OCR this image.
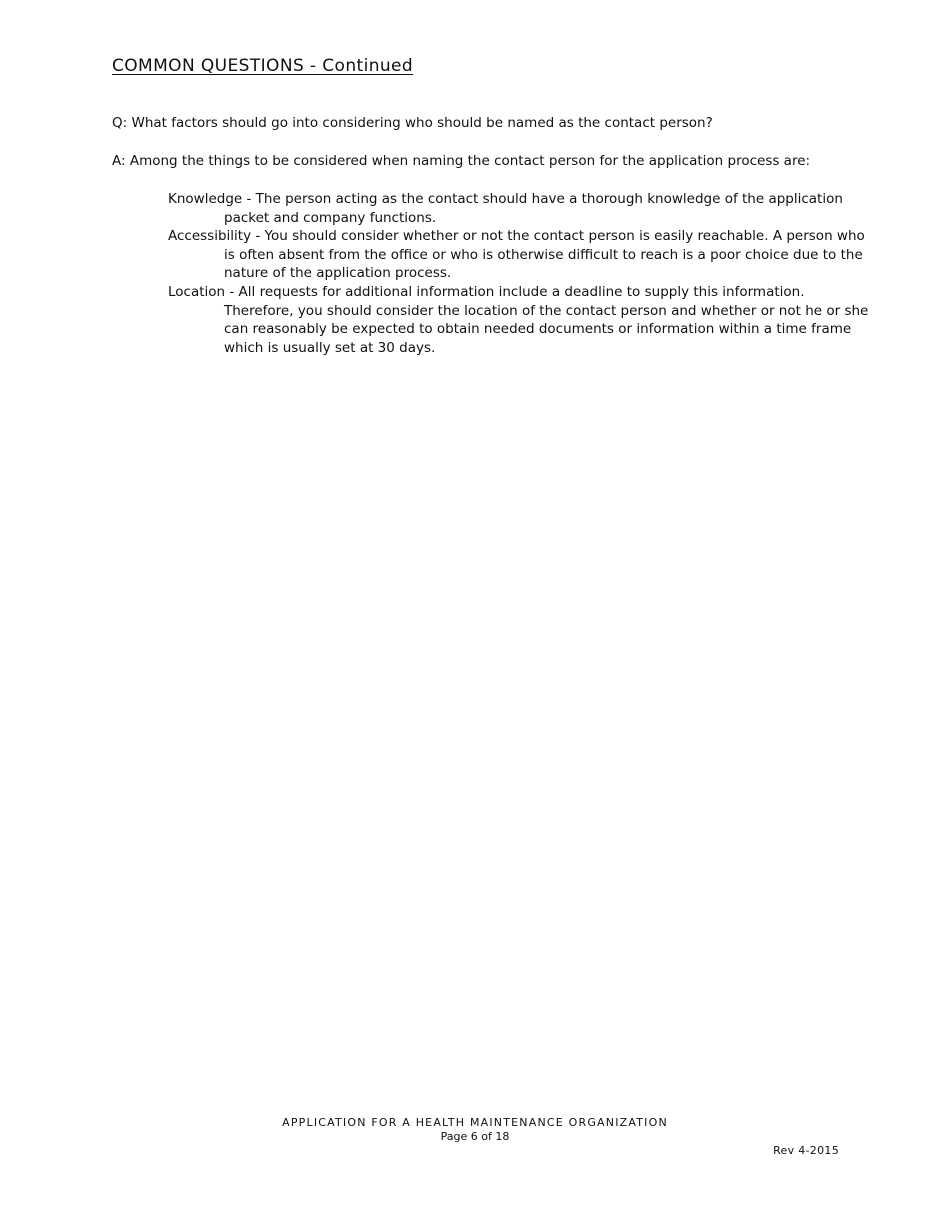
COMMON QUESTIONS - Continued
Q: What factors should go into considering who should be named as the contact person?
A: Among the things to be considered when naming the contact person for the application process are:
Knowledge - The person acting as the contact should have a thorough knowledge of the application
packet and company functions.
Accessibility - You should consider whether or not the contact person is easily reachable. A person who
is often absent from the office or who is otherwise difficult to reach is a poor choice due to the
nature of the application process.
Location - All requests for additional information include a deadline to supply this information.
Therefore, you should consider the location of the contact person and whether or not he or she
can reasonably be expected to obtain needed documents or information within a time frame
which is usually set at 30 days.
APPLICATION FOR A HEALTH MAINTENANCE ORGANIZATION
Page 6 of 18
Rev 4-2015
